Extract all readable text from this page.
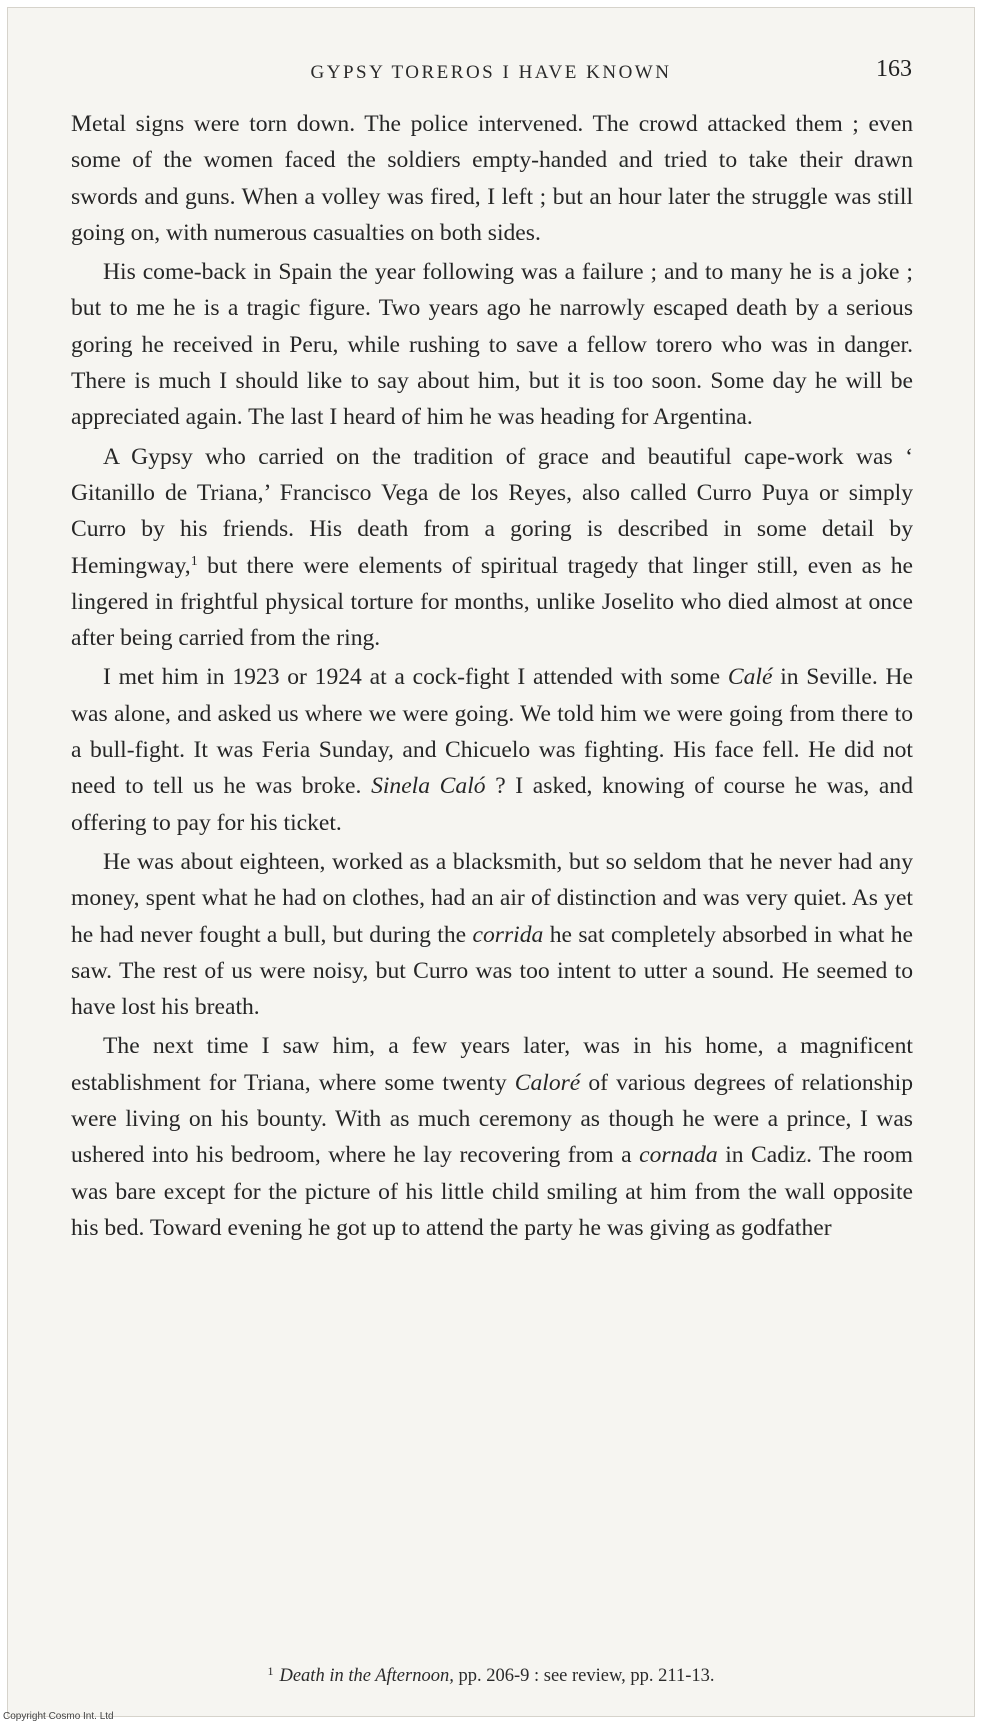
GYPSY TOREROS I HAVE KNOWN	163

Metal signs were torn down. The police intervened. The crowd attacked them ; even some of the women faced the soldiers empty-handed and tried to take their drawn swords and guns. When a volley was fired, I left ; but an hour later the struggle was still going on, with numerous casualties on both sides.

His come-back in Spain the year following was a failure ; and to many he is a joke ; but to me he is a tragic figure. Two years ago he narrowly escaped death by a serious goring he received in Peru, while rushing to save a fellow torero who was in danger. There is much I should like to say about him, but it is too soon. Some day he will be appreciated again. The last I heard of him he was heading for Argentina.

A Gypsy who carried on the tradition of grace and beautiful cape-work was ‘ Gitanillo de Triana,’ Francisco Vega de los Reyes, also called Curro Puya or simply Curro by his friends. His death from a goring is described in some detail by Hemingway,$^1$ but there were elements of spiritual tragedy that linger still, even as he lingered in frightful physical torture for months, unlike Joselito who died almost at once after being carried from the ring.

I met him in 1923 or 1924 at a cock-fight I attended with some Calé in Seville. He was alone, and asked us where we were going. We told him we were going from there to a bull-fight. It was Feria Sunday, and Chicuelo was fighting. His face fell. He did not need to tell us he was broke. Sinela Caló ? I asked, knowing of course he was, and offering to pay for his ticket.

He was about eighteen, worked as a blacksmith, but so seldom that he never had any money, spent what he had on clothes, had an air of distinction and was very quiet. As yet he had never fought a bull, but during the corrida he sat completely absorbed in what he saw. The rest of us were noisy, but Curro was too intent to utter a sound. He seemed to have lost his breath.

The next time I saw him, a few years later, was in his home, a magnificent establishment for Triana, where some twenty Caloré of various degrees of relationship were living on his bounty. With as much ceremony as though he were a prince, I was ushered into his bedroom, where he lay recovering from a cornada in Cadiz. The room was bare except for the picture of his little child smiling at him from the wall opposite his bed. Toward evening he got up to attend the party he was giving as godfather

$^1$ Death in the Afternoon, pp. 206-9 : see review, pp. 211-13.
Copyright Cosmo Int. Ltd
